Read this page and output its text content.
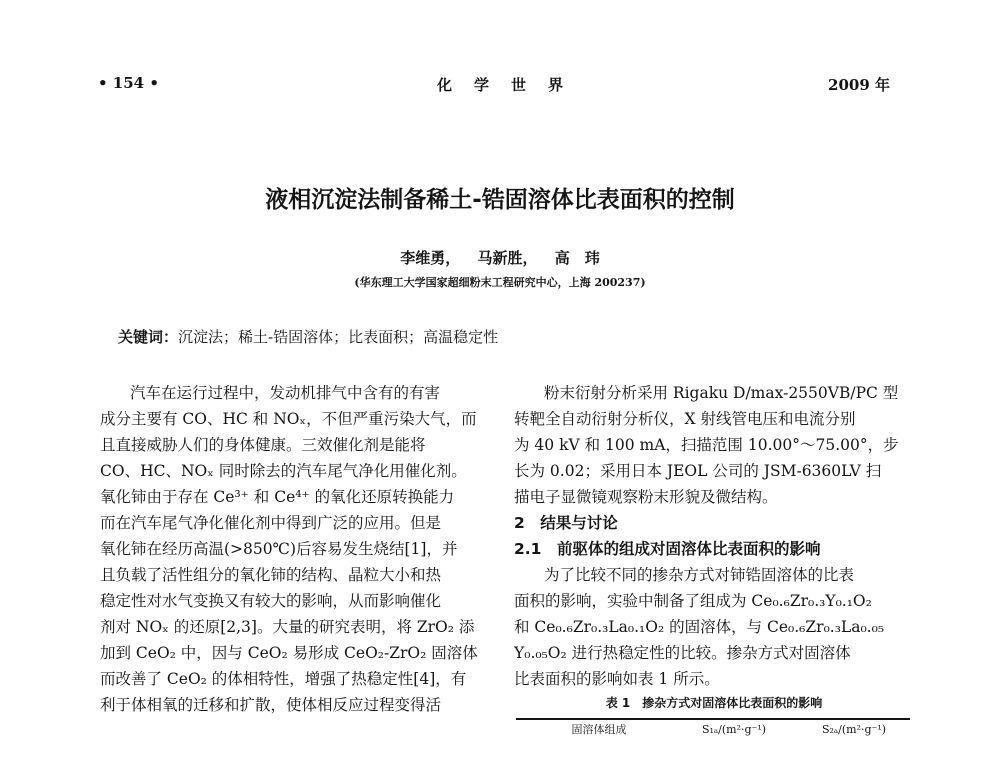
• 154 •	化学世界	2009 年
液相沉淀法制备稀土-锆固溶体比表面积的控制
李维勇， 马新胜， 高　玮
(华东理工大学国家超细粉末工程研究中心，上海 200237)
关键词：沉淀法；稀土-锆固溶体；比表面积；高温稳定性
汽车在运行过程中，发动机排气中含有的有害
成分主要有 CO、HC 和 NOₓ，不但严重污染大气，而
且直接威胁人们的身体健康。三效催化剂是能将
CO、HC、NOₓ 同时除去的汽车尾气净化用催化剂。
氧化铈由于存在 Ce³⁺ 和 Ce⁴⁺ 的氧化还原转换能力
而在汽车尾气净化催化剂中得到广泛的应用。但是
氧化铈在经历高温(>850℃)后容易发生烧结[1]，并
且负载了活性组分的氧化铈的结构、晶粒大小和热
稳定性对水气变换又有较大的影响，从而影响催化
剂对 NOₓ 的还原[2,3]。大量的研究表明，将 ZrO₂ 添
加到 CeO₂ 中，因与 CeO₂ 易形成 CeO₂-ZrO₂ 固溶体
而改善了 CeO₂ 的体相特性，增强了热稳定性[4]，有
利于体相氧的迁移和扩散，使体相反应过程变得活
粉末衍射分析采用 Rigaku D/max-2550VB/PC 型
转靶全自动衍射分析仪，X 射线管电压和电流分别
为 40 kV 和 100 mA，扫描范围 10.00°～75.00°，步
长为 0.02；采用日本 JEOL 公司的 JSM-6360LV 扫
描电子显微镜观察粉末形貌及微结构。
2　结果与讨论
2.1　前驱体的组成对固溶体比表面积的影响
为了比较不同的掺杂方式对铈锆固溶体的比表
面积的影响，实验中制备了组成为 Ce₀.₆Zr₀.₃Y₀.₁O₂
和 Ce₀.₆Zr₀.₃La₀.₁O₂ 的固溶体，与 Ce₀.₆Zr₀.₃La₀.₀₅
Y₀.₀₅O₂ 进行热稳定性的比较。掺杂方式对固溶体
比表面积的影响如表 1 所示。
表 1　掺杂方式对固溶体比表面积的影响
固溶体组成	S₁ₐ/(m²·g⁻¹)	S₂ₐ/(m²·g⁻¹)
